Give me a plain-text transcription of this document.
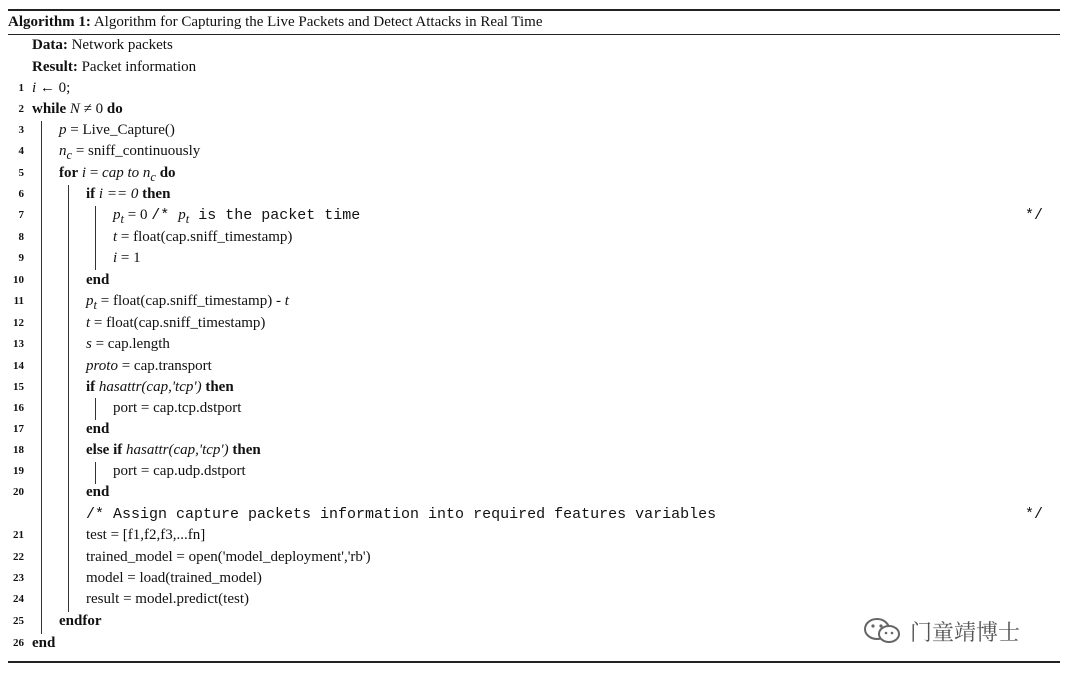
Algorithm 1: Algorithm for Capturing the Live Packets and Detect Attacks in Real Time
Data: Network packets
Result: Packet information
1 i ← 0;
2 while N ≠ 0 do
3 p = Live_Capture()
4 $n_c$ = sniff_continuously
5 for i = cap to $n_c$ do
6	if i == 0 then
7	$p_t = 0 /* p_t$ is the packet time	*/
8	t = float(cap.sniff_timestamp)
9	i = 1
10	end
11	$p_t$ = float(cap.sniff_timestamp) - t
12	t = float(cap.sniff_timestamp)
13	s = cap.length
14	proto = cap.transport
15	if hasattr(cap,'tcp') then
16	port = cap.tcp.dstport
17	end
18	else if hasattr(cap,'tcp') then
19	port = cap.udp.dstport
20	end
/* Assign capture packets information into required features variables	*/
21	test = [f1,f2,f3,...fn]
22	trained_model = open('model_deployment','rb')
23	model = load(trained_model)
24	result = model.predict(test)
25 endfor
26 end	门童靖博士
